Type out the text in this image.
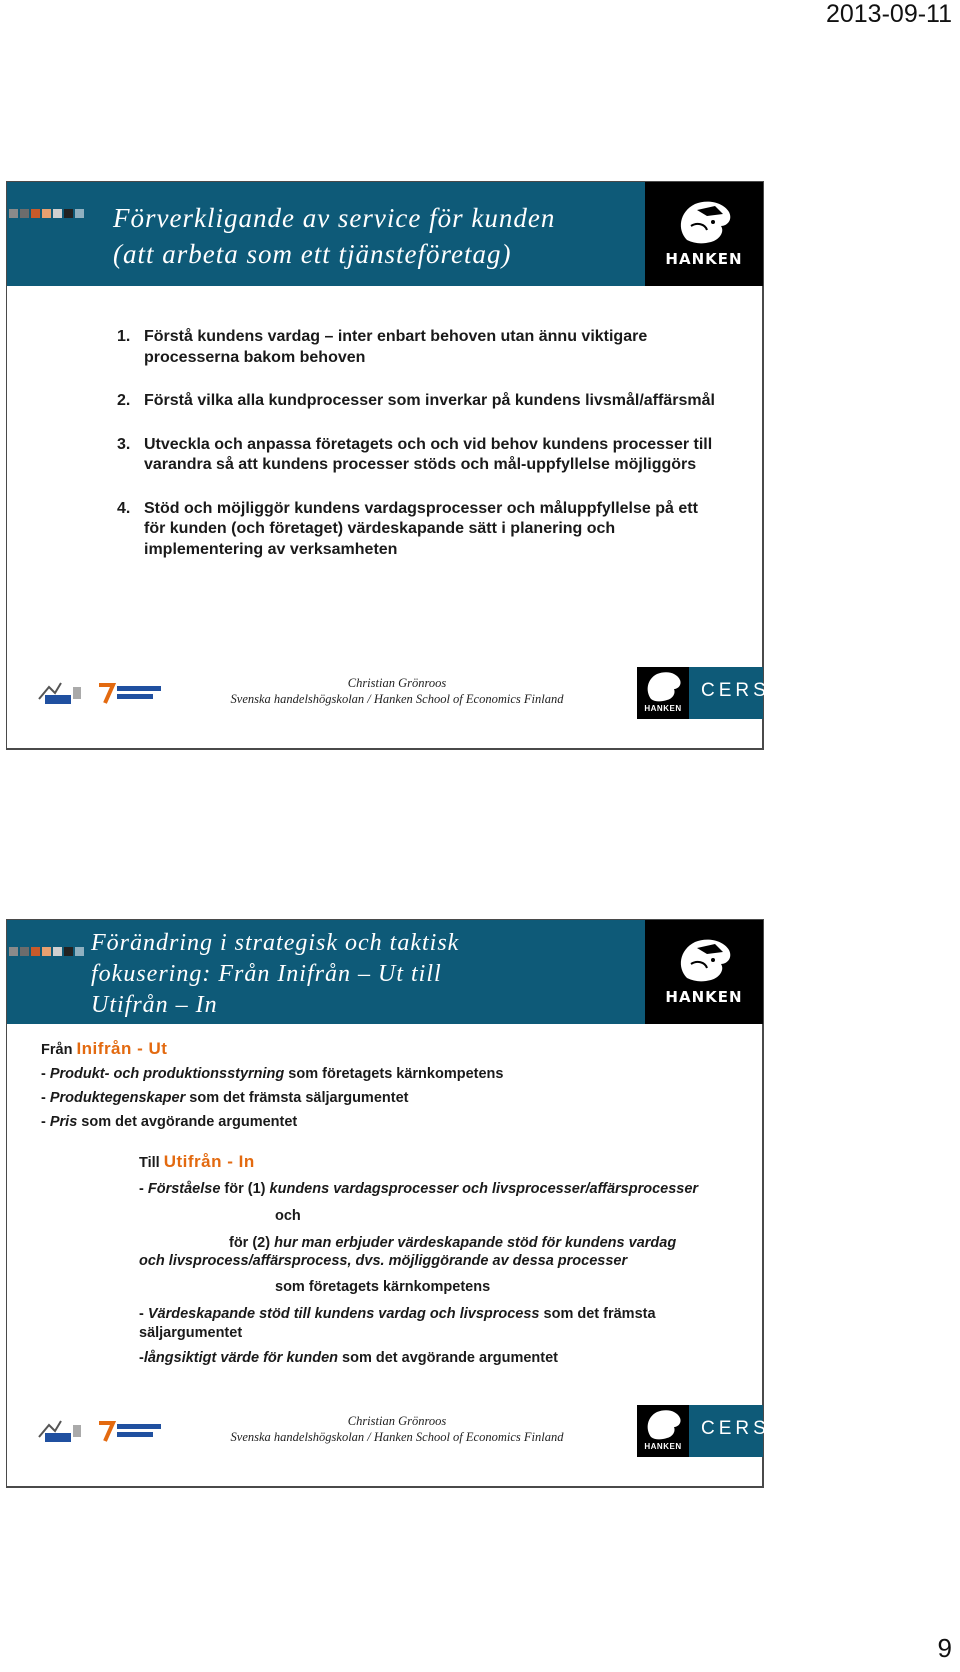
2013-09-11

Förverkligande av service för kunden
(att arbeta som ett tjänsteföretag)	HANKEN
1. Förstå kundens vardag – inter enbart behoven utan ännu viktigare processerna bakom behoven
2. Förstå vilka alla kundprocesser som inverkar på kundens livsmål/affärsmål
3. Utveckla och anpassa företagets och och vid behov kundens processer till varandra så att kundens processer stöds och mål-uppfyllelse möjliggörs
4. Stöd och möjliggör kundens vardagsprocesser och måluppfyllelse på ett för kunden (och företaget) värdeskapande sätt i planering och implementering av verksamheten
Christian Grönroos
Svenska handelshögskolan / Hanken School of Economics Finland
HANKEN
CERS

Förändring i strategisk och taktisk
fokusering: Från Inifrån – Ut till
Utifrån – In	HANKEN

Från Inifrån - Ut

- Produkt- och produktionsstyrning som företagets kärnkompetens

- Produktegenskaper som det främsta säljargumentet

- Pris som det avgörande argumentet

Till Utifrån - In

- Förståelse för (1) kundens vardagsprocesser och livsprocesser/affärsprocesser

och

för (2) hur man erbjuder värdeskapande stöd för kundens vardag

och livsprocess/affärsprocess, dvs. möjliggörande av dessa processer

som företagets kärnkompetens

- Värdeskapande stöd till kundens vardag och livsprocess som det främsta
säljargumentet

-långsiktigt värde för kunden som det avgörande argumentet

Christian Grönroos
Svenska handelshögskolan / Hanken School of Economics Finland
HANKEN
CERS
9
